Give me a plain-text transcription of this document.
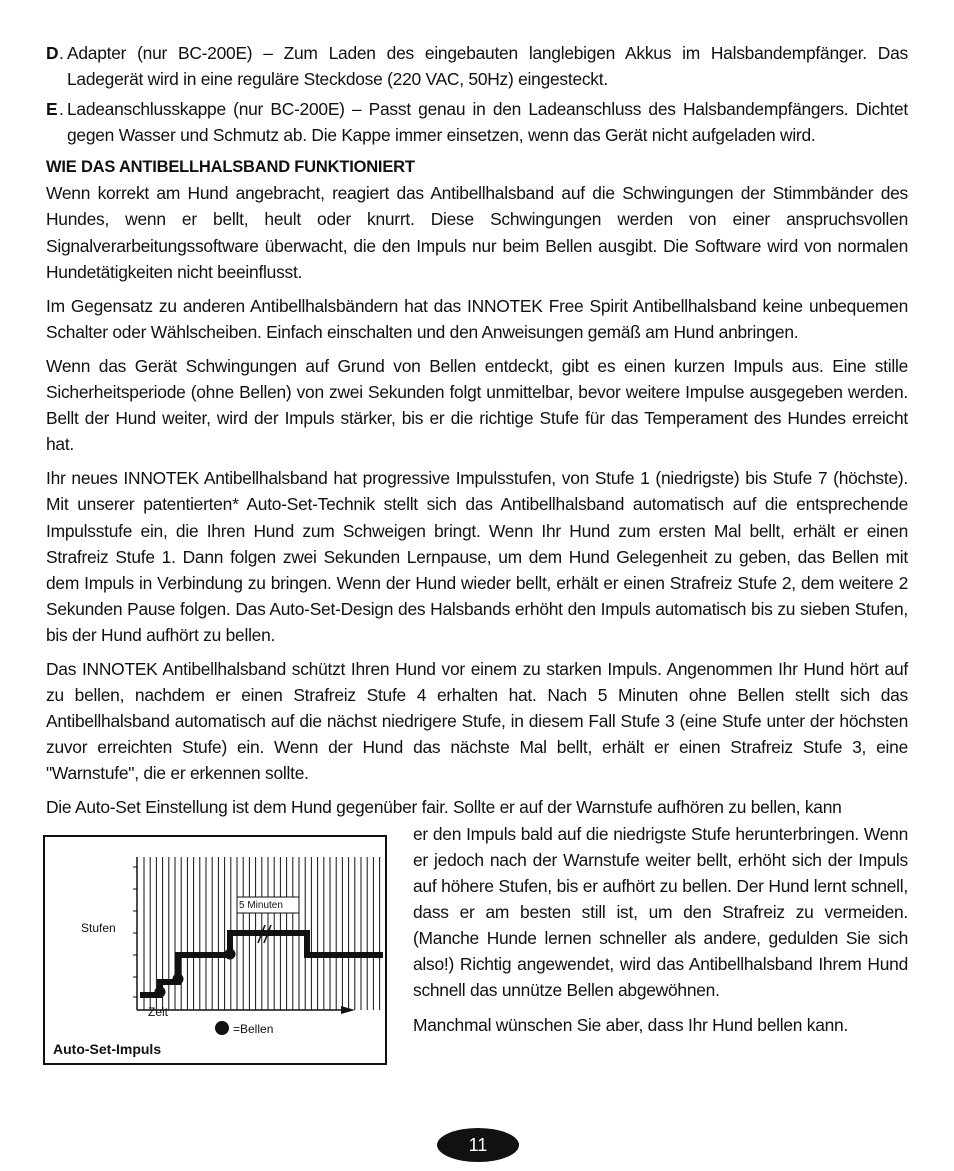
D . Adapter (nur BC-200E) – Zum Laden des eingebauten langlebigen Akkus im Halsbandempfänger. Das Ladegerät wird in eine reguläre Steckdose (220 VAC, 50Hz) eingesteckt.
E . Ladeanschlusskappe (nur BC-200E) – Passt genau in den Ladeanschluss des Halsbandempfängers. Dichtet gegen Wasser und Schmutz ab. Die Kappe immer einsetzen, wenn das Gerät nicht aufgeladen wird.
WIE DAS ANTIBELLHALSBAND FUNKTIONIERT

Wenn korrekt am Hund angebracht, reagiert das Antibellhalsband auf die Schwingungen der Stimmbänder des Hundes, wenn er bellt, heult oder knurrt. Diese Schwingungen werden von einer anspruchsvollen Signalverarbeitungssoftware überwacht, die den Impuls nur beim Bellen ausgibt. Die Software wird von normalen Hundetätigkeiten nicht beeinflusst.

Im Gegensatz zu anderen Antibellhalsbändern hat das INNOTEK Free Spirit Antibellhalsband keine unbequemen Schalter oder Wählscheiben. Einfach einschalten und den Anweisungen gemäß am Hund anbringen.

Wenn das Gerät Schwingungen auf Grund von Bellen entdeckt, gibt es einen kurzen Impuls aus. Eine stille Sicherheitsperiode (ohne Bellen) von zwei Sekunden folgt unmittelbar, bevor weitere Impulse ausgegeben werden. Bellt der Hund weiter, wird der Impuls stärker, bis er die richtige Stufe für das Temperament des Hundes erreicht hat.

Ihr neues INNOTEK Antibellhalsband hat progressive Impulsstufen, von Stufe 1 (niedrigste) bis Stufe 7 (höchste). Mit unserer patentierten* Auto-Set-Technik stellt sich das Antibellhalsband automatisch auf die entsprechende Impulsstufe ein, die Ihren Hund zum Schweigen bringt. Wenn Ihr Hund zum ersten Mal bellt, erhält er einen Strafreiz Stufe 1. Dann folgen zwei Sekunden Lernpause, um dem Hund Gelegenheit zu geben, das Bellen mit dem Impuls in Verbindung zu bringen. Wenn der Hund wieder bellt, erhält er einen Strafreiz Stufe 2, dem weitere 2 Sekunden Pause folgen. Das Auto-Set-Design des Halsbands erhöht den Impuls automatisch bis zu sieben Stufen, bis der Hund aufhört zu bellen.

Das INNOTEK Antibellhalsband schützt Ihren Hund vor einem zu starken Impuls. Angenommen Ihr Hund hört auf zu bellen, nachdem er einen Strafreiz Stufe 4 erhalten hat. Nach 5 Minuten ohne Bellen stellt sich das Antibellhalsband automatisch auf die nächst niedrigere Stufe, in diesem Fall Stufe 3 (eine Stufe unter der höchsten zuvor erreichten Stufe) ein. Wenn der Hund das nächste Mal bellt, erhält er einen Strafreiz Stufe 3, eine "Warnstufe", die er erkennen sollte.

Die Auto-Set Einstellung ist dem Hund gegenüber fair. Sollte er auf der Warnstufe aufhören zu bellen, kann

5 Minuten
Stufen
Zeit
=Bellen
Auto-Set-Impuls

er den Impuls bald auf die niedrigste Stufe herunterbringen. Wenn er jedoch nach der Warnstufe weiter bellt, erhöht sich der Impuls auf höhere Stufen, bis er aufhört zu bellen. Der Hund lernt schnell, dass er am besten still ist, um den Strafreiz zu vermeiden. (Manche Hunde lernen schneller als andere, gedulden Sie sich also!) Richtig angewendet, wird das Antibellhalsband Ihrem Hund schnell das unnütze Bellen abgewöhnen.

Manchmal wünschen Sie aber, dass Ihr Hund bellen kann.

11
